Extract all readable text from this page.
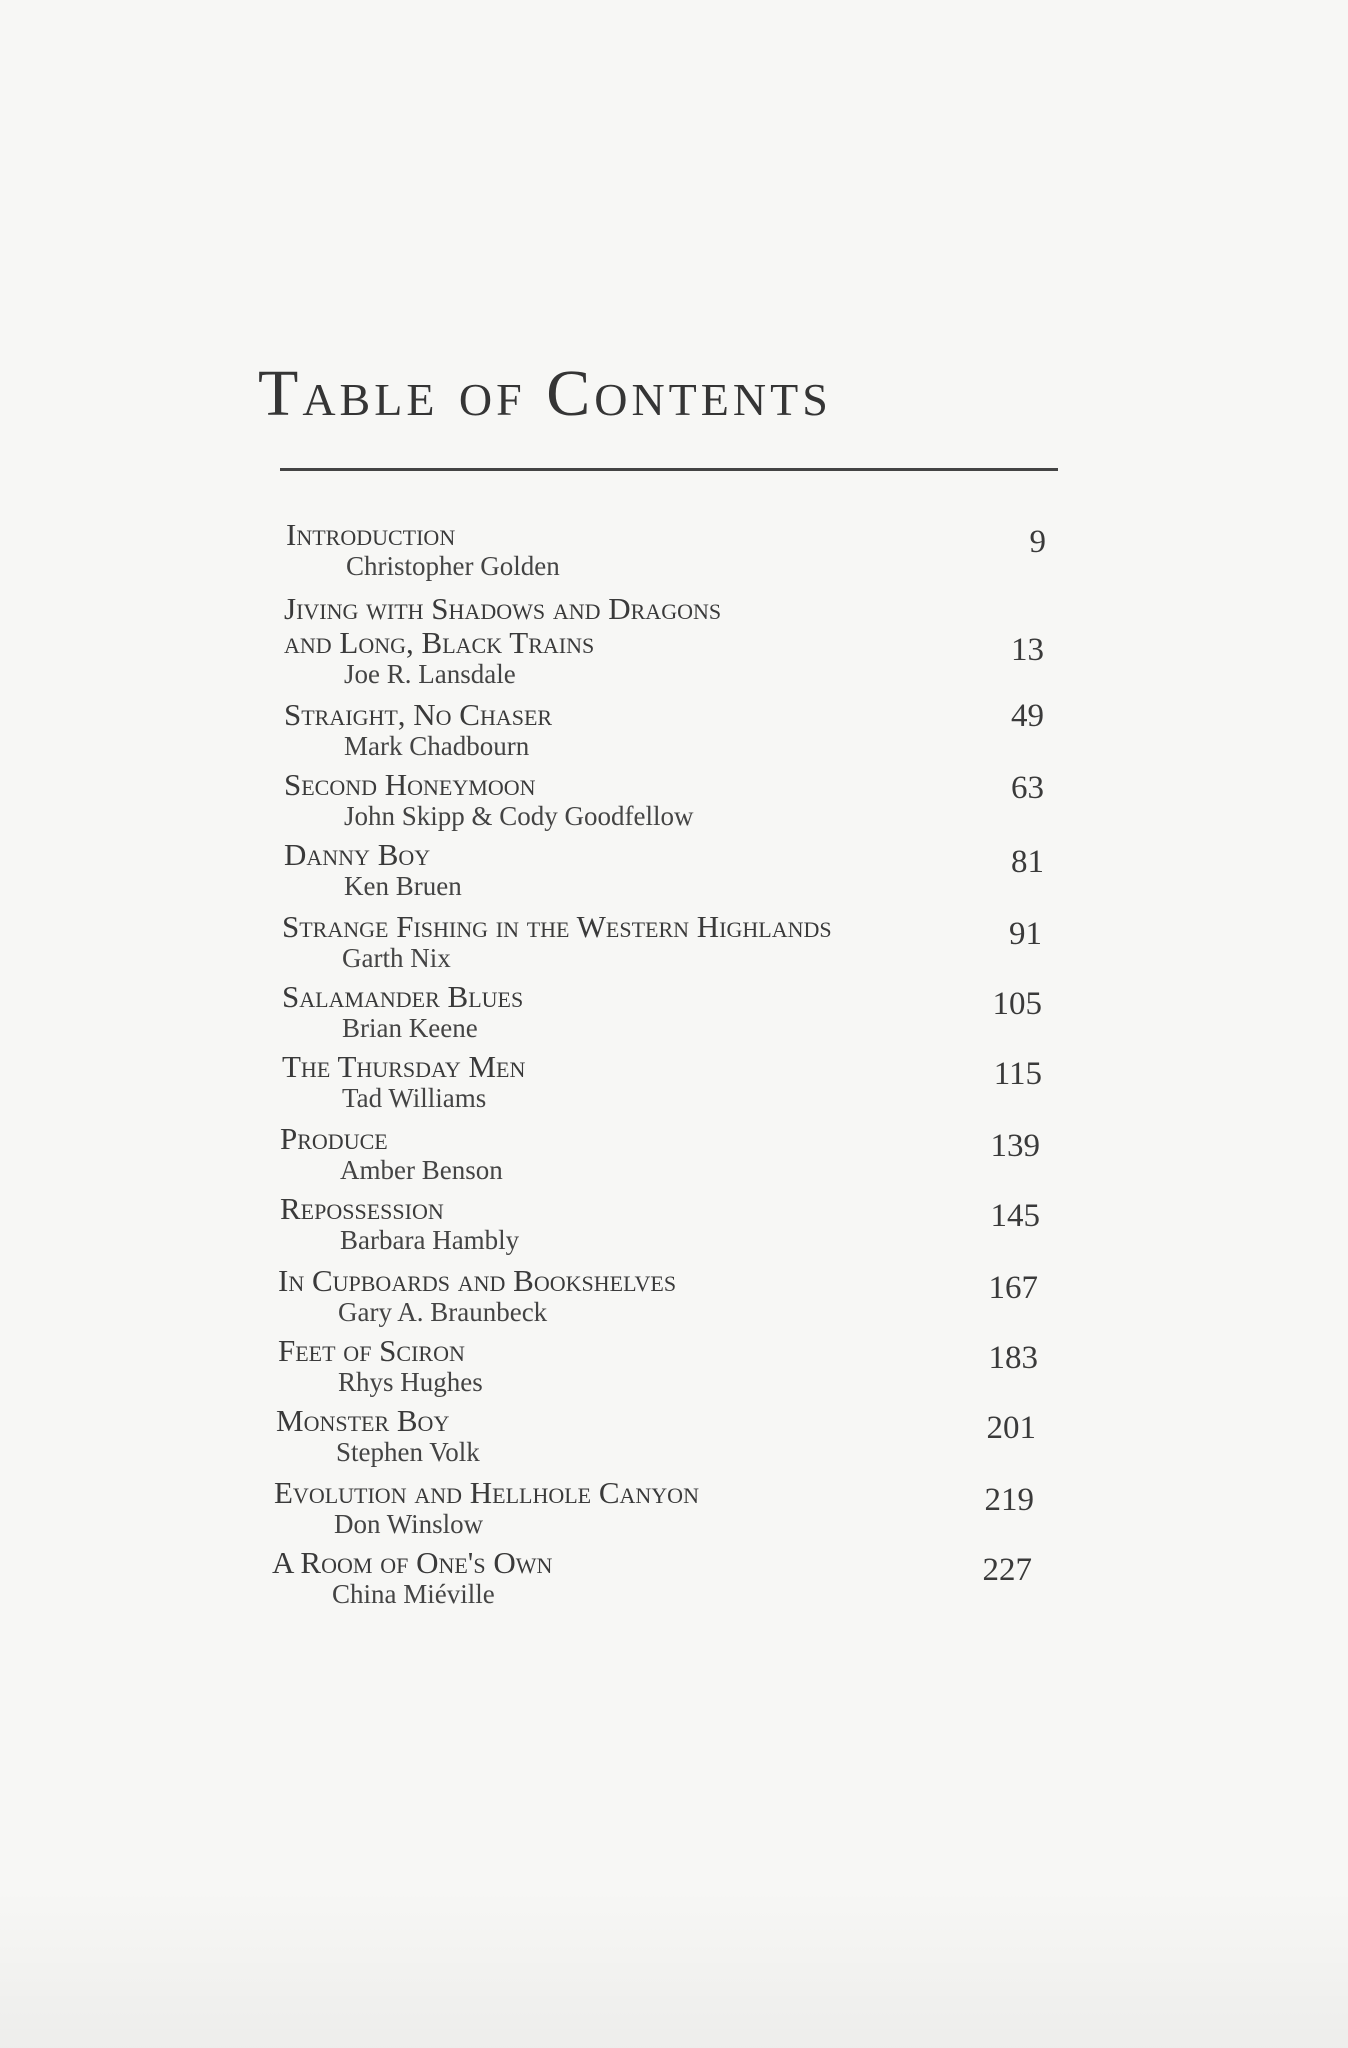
Table of Contents
Introduction
Christopher Golden
9
Jiving with Shadows and Dragons
and Long, Black Trains
Joe R. Lansdale
13
Straight, No Chaser
Mark Chadbourn
49
Second Honeymoon
John Skipp & Cody Goodfellow
63
Danny Boy
Ken Bruen
81
Strange Fishing in the Western Highlands
Garth Nix
91
Salamander Blues
Brian Keene
105
The Thursday Men
Tad Williams
115
Produce
Amber Benson
139
Repossession
Barbara Hambly
145
In Cupboards and Bookshelves
Gary A. Braunbeck
167
Feet of Sciron
Rhys Hughes
183
Monster Boy
Stephen Volk
201
Evolution and Hellhole Canyon
Don Winslow
219
A Room of One's Own
China Miéville
227
